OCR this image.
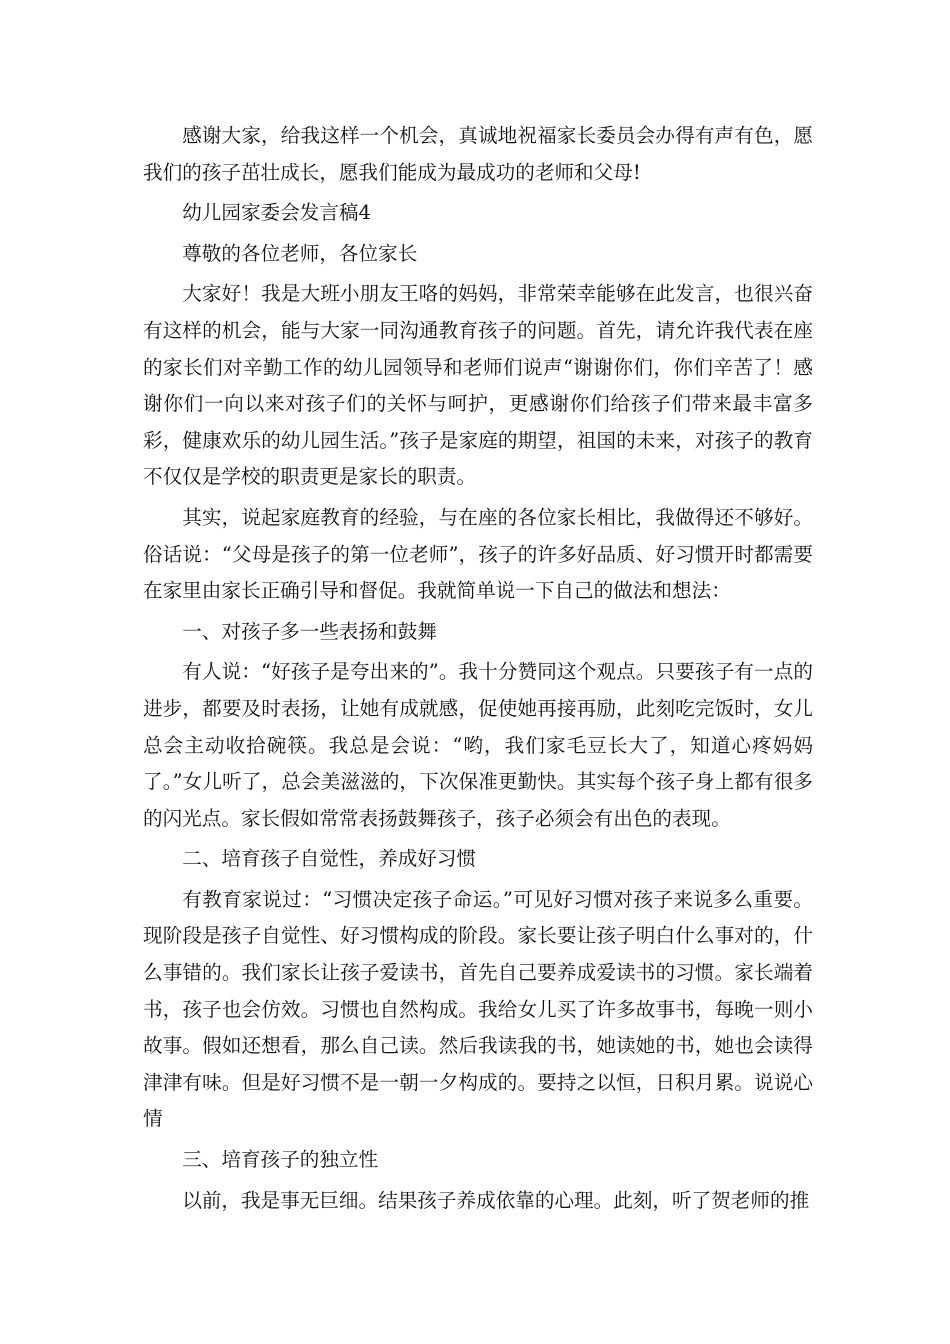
感谢大家，给我这样一个机会，真诚地祝福家长委员会办得有声有色，愿我们的孩子茁壮成长，愿我们能成为最成功的老师和父母!

幼儿园家委会发言稿4

尊敬的各位老师，各位家长

大家好！我是大班小朋友王咯的妈妈，非常荣幸能够在此发言，也很兴奋有这样的机会，能与大家一同沟通教育孩子的问题。首先，请允许我代表在座的家长们对辛勤工作的幼儿园领导和老师们说声“谢谢你们，你们辛苦了！感谢你们一向以来对孩子们的关怀与呵护，更感谢你们给孩子们带来最丰富多彩，健康欢乐的幼儿园生活。”孩子是家庭的期望，祖国的未来，对孩子的教育不仅仅是学校的职责更是家长的职责。

其实，说起家庭教育的经验，与在座的各位家长相比，我做得还不够好。俗话说：“父母是孩子的第一位老师”，孩子的许多好品质、好习惯开时都需要在家里由家长正确引导和督促。我就简单说一下自己的做法和想法：

一、对孩子多一些表扬和鼓舞

有人说：“好孩子是夸出来的”。我十分赞同这个观点。只要孩子有一点的进步，都要及时表扬，让她有成就感，促使她再接再励，此刻吃完饭时，女儿总会主动收拾碗筷。我总是会说：“哟，我们家毛豆长大了，知道心疼妈妈了。”女儿听了，总会美滋滋的，下次保准更勤快。其实每个孩子身上都有很多的闪光点。家长假如常常表扬鼓舞孩子，孩子必须会有出色的表现。

二、培育孩子自觉性，养成好习惯

有教育家说过：“习惯决定孩子命运。”可见好习惯对孩子来说多么重要。现阶段是孩子自觉性、好习惯构成的阶段。家长要让孩子明白什么事对的，什么事错的。我们家长让孩子爱读书，首先自己要养成爱读书的习惯。家长端着书，孩子也会仿效。习惯也自然构成。我给女儿买了许多故事书，每晚一则小故事。假如还想看，那么自己读。然后我读我的书，她读她的书，她也会读得津津有味。但是好习惯不是一朝一夕构成的。要持之以恒，日积月累。说说心情

三、培育孩子的独立性

以前，我是事无巨细。结果孩子养成依靠的心理。此刻，听了贺老师的推
